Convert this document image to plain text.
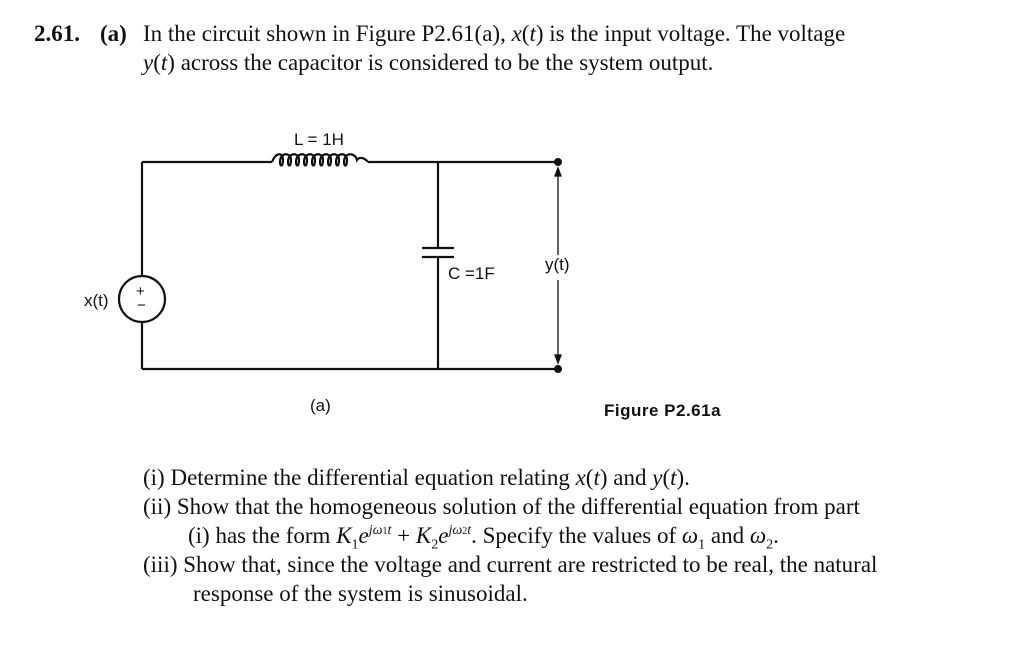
2.61. (a) In the circuit shown in Figure P2.61(a), x(t) is the input voltage. The voltage
y(t) across the capacitor is considered to be the system output.
L = 1H
C =1F	y(t)
x(t) +
−
(a)	Figure P2.61a
(i) Determine the differential equation relating x(t) and y(t).
(ii) Show that the homogeneous solution of the differential equation from part
(i) has the form $K_1e^{j\omega 1t} + K_2e^{j\omega 2t}$. Specify the values of $\omega_1$ and $\omega_2$.
(iii) Show that, since the voltage and current are restricted to be real, the natural
response of the system is sinusoidal.
